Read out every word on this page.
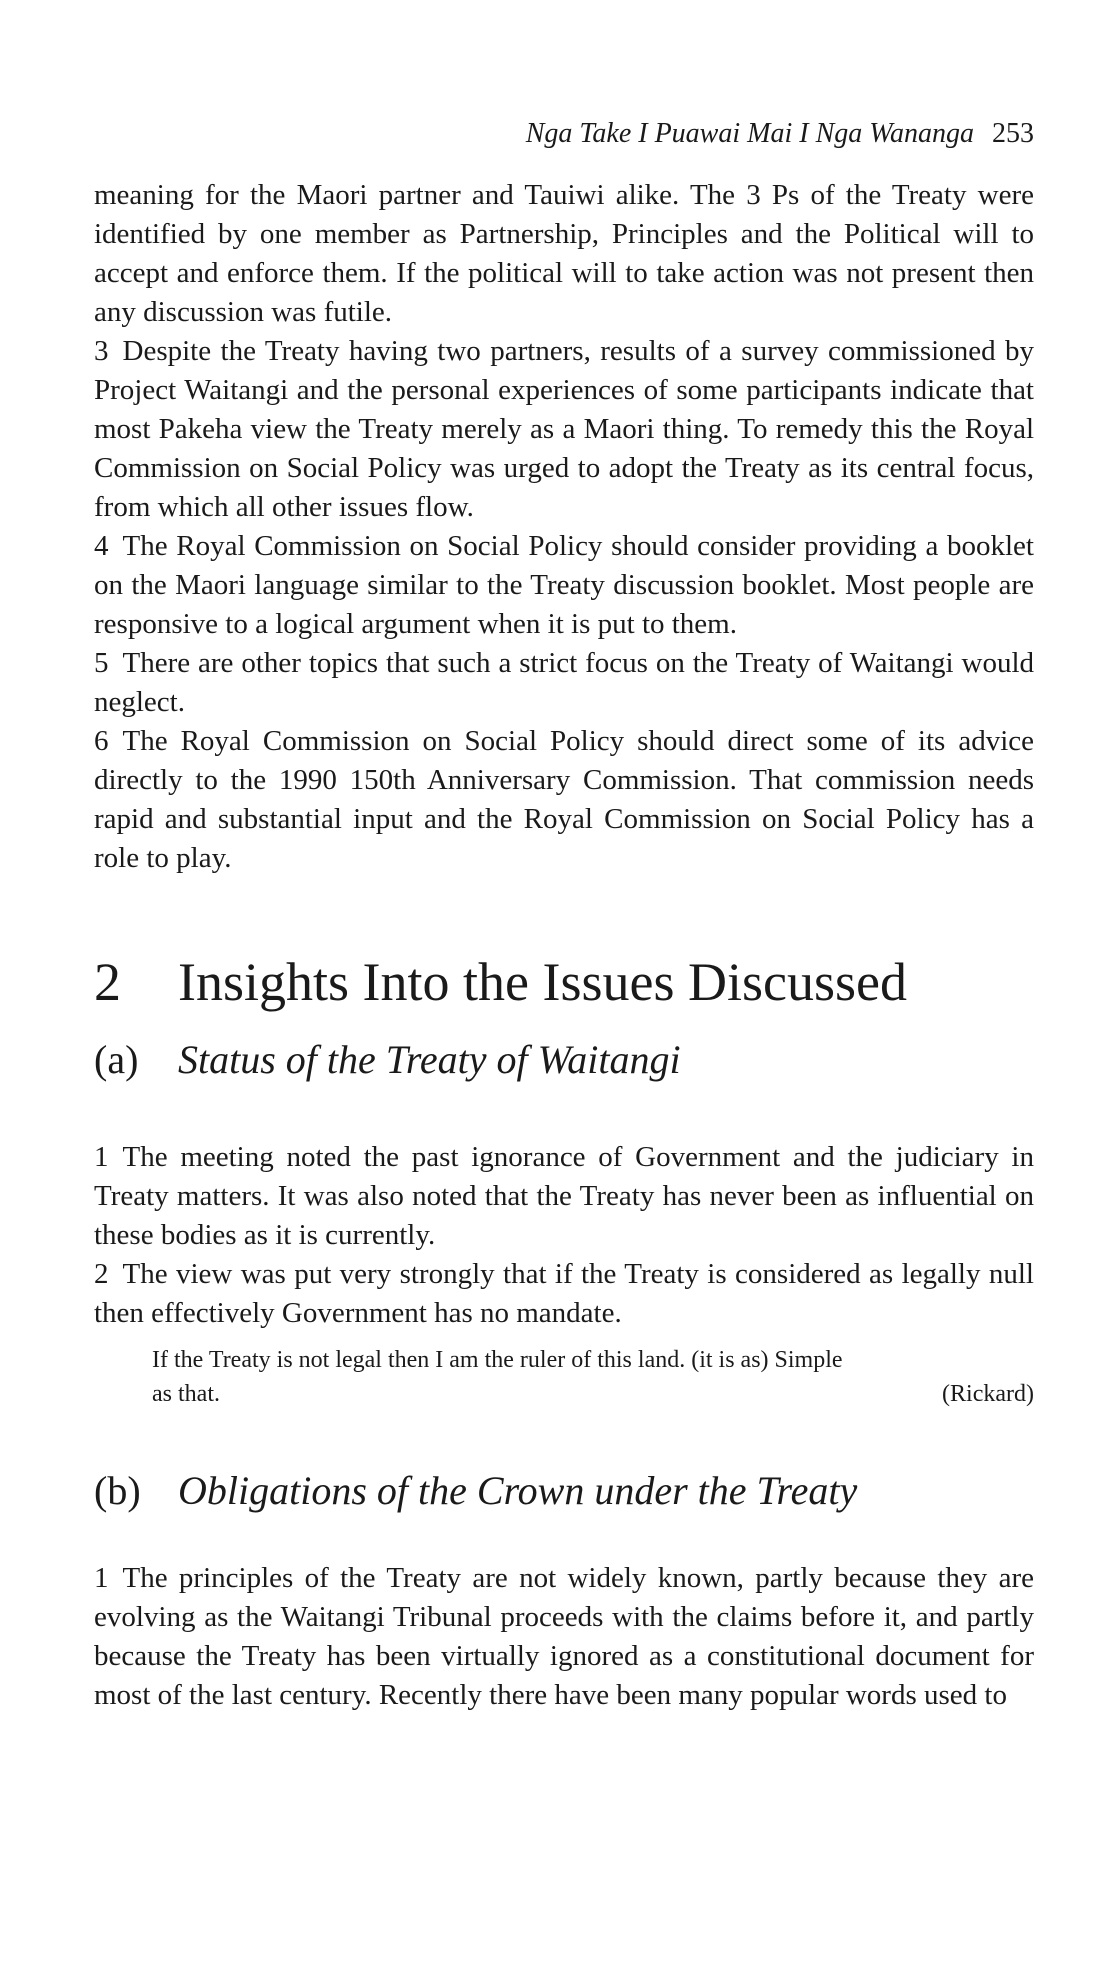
Nga Take I Puawai Mai I Nga Wananga 253

meaning for the Maori partner and Tauiwi alike. The 3 Ps of the Treaty were identified by one member as Partnership, Principles and the Political will to accept and enforce them. If the political will to take action was not present then any discussion was futile.

3 Despite the Treaty having two partners, results of a survey commissioned by Project Waitangi and the personal experiences of some participants indicate that most Pakeha view the Treaty merely as a Maori thing. To remedy this the Royal Commission on Social Policy was urged to adopt the Treaty as its central focus, from which all other issues flow.

4 The Royal Commission on Social Policy should consider providing a booklet on the Maori language similar to the Treaty discussion booklet. Most people are responsive to a logical argument when it is put to them.

5 There are other topics that such a strict focus on the Treaty of Waitangi would neglect.

6 The Royal Commission on Social Policy should direct some of its advice directly to the 1990 150th Anniversary Commission. That commission needs rapid and substantial input and the Royal Commission on Social Policy has a role to play.

2	Insights Into the Issues Discussed
(a) Status of the Treaty of Waitangi

1 The meeting noted the past ignorance of Government and the judiciary in Treaty matters. It was also noted that the Treaty has never been as influential on these bodies as it is currently.

2 The view was put very strongly that if the Treaty is considered as legally null then effectively Government has no mandate.

If the Treaty is not legal then I am the ruler of this land. (it is as) Simple
as that.	(Rickard)
(b) Obligations of the Crown under the Treaty

1 The principles of the Treaty are not widely known, partly because they are evolving as the Waitangi Tribunal proceeds with the claims before it, and partly because the Treaty has been virtually ignored as a constitutional document for most of the last century. Recently there have been many popular words used to
